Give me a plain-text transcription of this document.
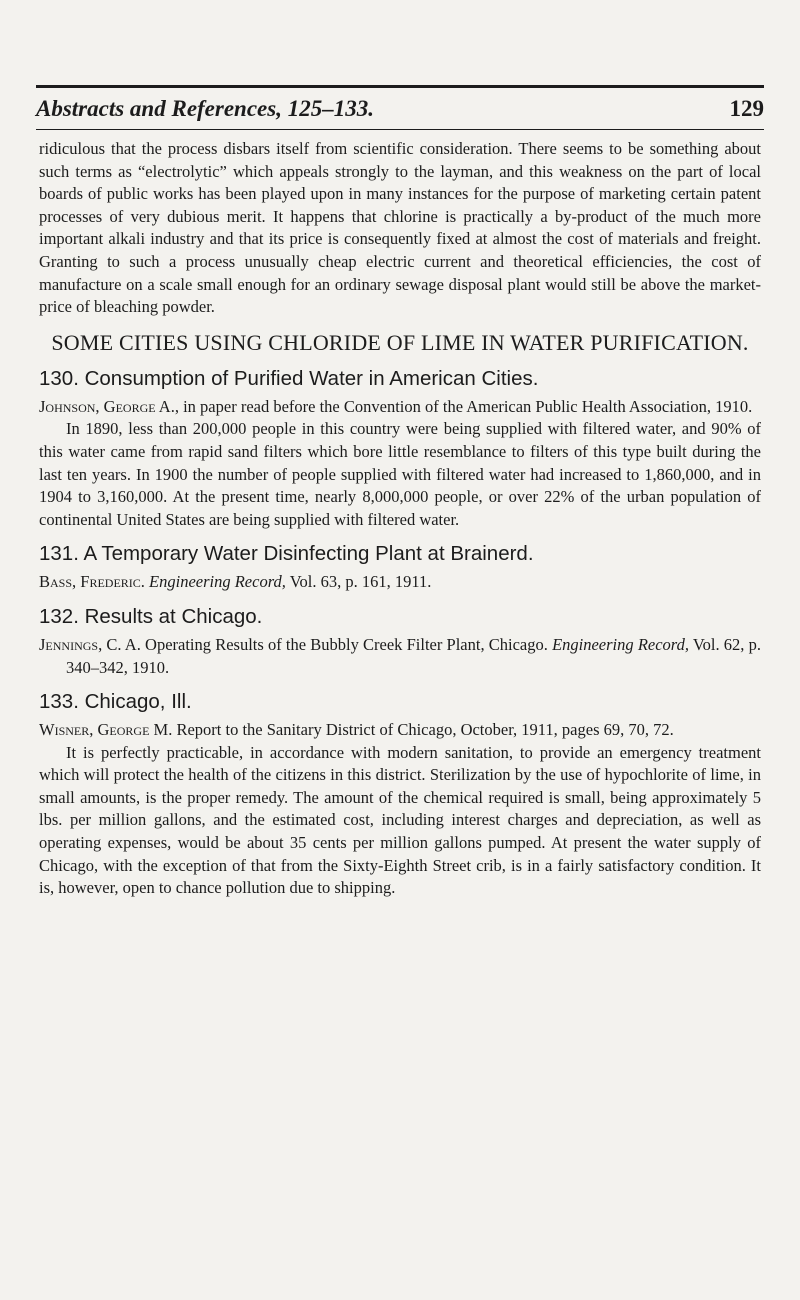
Abstracts and References, 125–133.	129

ridiculous that the process disbars itself from scientific consideration. There seems to be something about such terms as “electrolytic” which appeals strongly to the layman, and this weakness on the part of local boards of public works has been played upon in many instances for the purpose of marketing certain patent processes of very dubious merit. It happens that chlorine is practically a by-product of the much more important alkali industry and that its price is consequently fixed at almost the cost of materials and freight. Granting to such a process unusually cheap electric current and theoretical efficiencies, the cost of manufacture on a scale small enough for an ordinary sewage disposal plant would still be above the market-price of bleaching powder.

SOME CITIES USING CHLORIDE OF LIME IN WATER PURIFICATION.
130. Consumption of Purified Water in American Cities.

Johnson, George A., in paper read before the Convention of the American Public Health Association, 1910.

In 1890, less than 200,000 people in this country were being supplied with filtered water, and 90% of this water came from rapid sand filters which bore little resemblance to filters of this type built during the last ten years. In 1900 the number of people supplied with filtered water had increased to 1,860,000, and in 1904 to 3,160,000. At the present time, nearly 8,000,000 people, or over 22% of the urban population of continental United States are being supplied with filtered water.

131. A Temporary Water Disinfecting Plant at Brainerd.

Bass, Frederic. Engineering Record, Vol. 63, p. 161, 1911.

132. Results at Chicago.

Jennings, C. A. Operating Results of the Bubbly Creek Filter Plant, Chicago. Engineering Record, Vol. 62, p. 340–342, 1910.

133. Chicago, Ill.

Wisner, George M. Report to the Sanitary District of Chicago, October, 1911, pages 69, 70, 72.

It is perfectly practicable, in accordance with modern sanitation, to provide an emergency treatment which will protect the health of the citizens in this district. Sterilization by the use of hypochlorite of lime, in small amounts, is the proper remedy. The amount of the chemical required is small, being approximately 5 lbs. per million gallons, and the estimated cost, including interest charges and depreciation, as well as operating expenses, would be about 35 cents per million gallons pumped. At present the water supply of Chicago, with the exception of that from the Sixty-Eighth Street crib, is in a fairly satisfactory condition. It is, however, open to chance pollution due to shipping.
